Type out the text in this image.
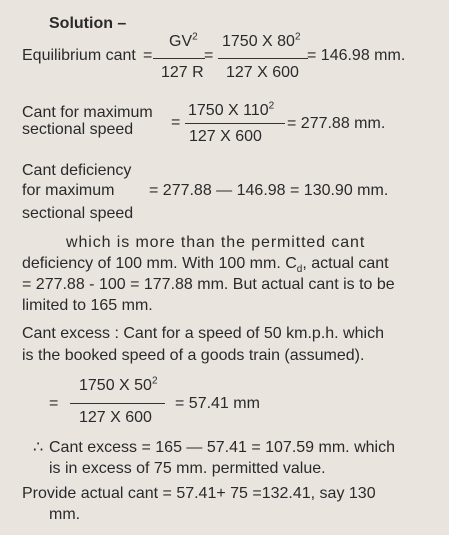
Solution –
Equilibrium cant =
$GV^2$
127 R
=
1750 X $80^2$
127 X 600
= 146.98 mm.
Cant for maximum
sectional speed =
1750 X $110^2$
127 X 600
= 277.88 mm.
Cant deficiency
for maximum
sectional speed
= 277.88 — 146.98 = 130.90 mm.
which is more than the permitted cant
deficiency of 100 mm. With 100 mm. $C_d$, actual cant
= 277.88 - 100 = 177.88 mm. But actual cant is to be
limited to 165 mm.
Cant excess : Cant for a speed of 50 km.p.h. which
is the booked speed of a goods train (assumed).
=
1750 X $50^2$
127 X 600
= 57.41 mm
∴ Cant excess = 165 — 57.41 = 107.59 mm. which
is in excess of 75 mm. permitted value.
Provide actual cant = 57.41+ 75 =132.41, say 130
mm.
